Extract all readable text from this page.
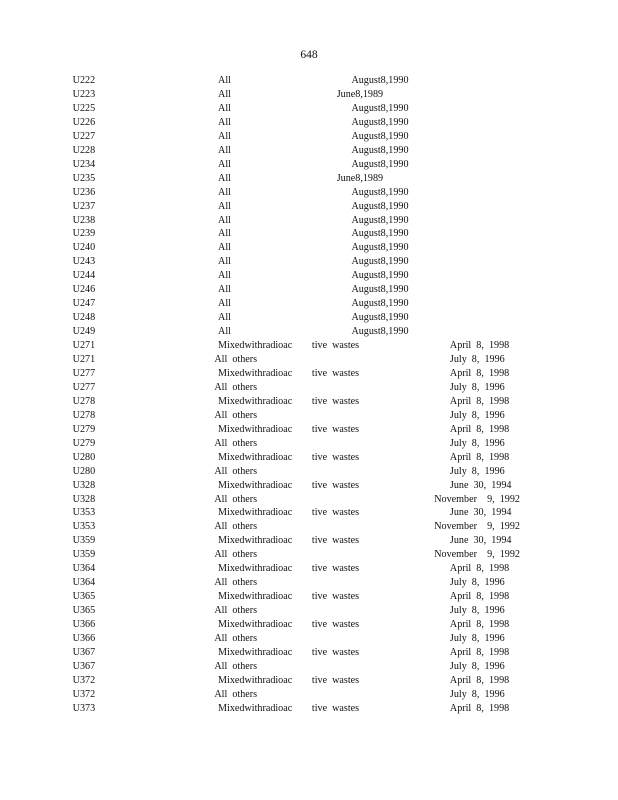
648
U222	All	August8,1990
U223	All	June8,1989
U225	All	August8,1990
U226	All	August8,1990
U227	All	August8,1990
U228	All	August8,1990
U234	All	August8,1990
U235	All	June8,1989
U236	All	August8,1990
U237	All	August8,1990
U238	All	August8,1990
U239	All	August8,1990
U240	All	August8,1990
U243	All	August8,1990
U244	All	August8,1990
U246	All	August8,1990
U247	All	August8,1990
U248	All	August8,1990
U249	All	August8,1990
U271	Mixedwithradioac tive  wastes	April  8,  1998
U271	All  others	July  8,  1996
U277	Mixedwithradioac tive  wastes	April  8,  1998
U277	All  others	July  8,  1996
U278	Mixedwithradioac tive  wastes	April  8,  1998
U278	All  others	July  8,  1996
U279	Mixedwithradioac tive  wastes	April  8,  1998
U279	All  others	July  8,  1996
U280	Mixedwithradioac tive  wastes	April  8,  1998
U280	All  others	July  8,  1996
U328	Mixedwithradioac tive  wastes	June  30,  1994
U328	All  others	November    9,  1992
U353	Mixedwithradioac tive  wastes	June  30,  1994
U353	All  others	November    9,  1992
U359	Mixedwithradioac tive  wastes	June  30,  1994
U359	All  others	November    9,  1992
U364	Mixedwithradioac tive  wastes	April  8,  1998
U364	All  others	July  8,  1996
U365	Mixedwithradioac tive  wastes	April  8,  1998
U365	All  others	July  8,  1996
U366	Mixedwithradioac tive  wastes	April  8,  1998
U366	All  others	July  8,  1996
U367	Mixedwithradioac tive  wastes	April  8,  1998
U367	All  others	July  8,  1996
U372	Mixedwithradioac tive  wastes	April  8,  1998
U372	All  others	July  8,  1996
U373	Mixedwithradioac tive  wastes	April  8,  1998
